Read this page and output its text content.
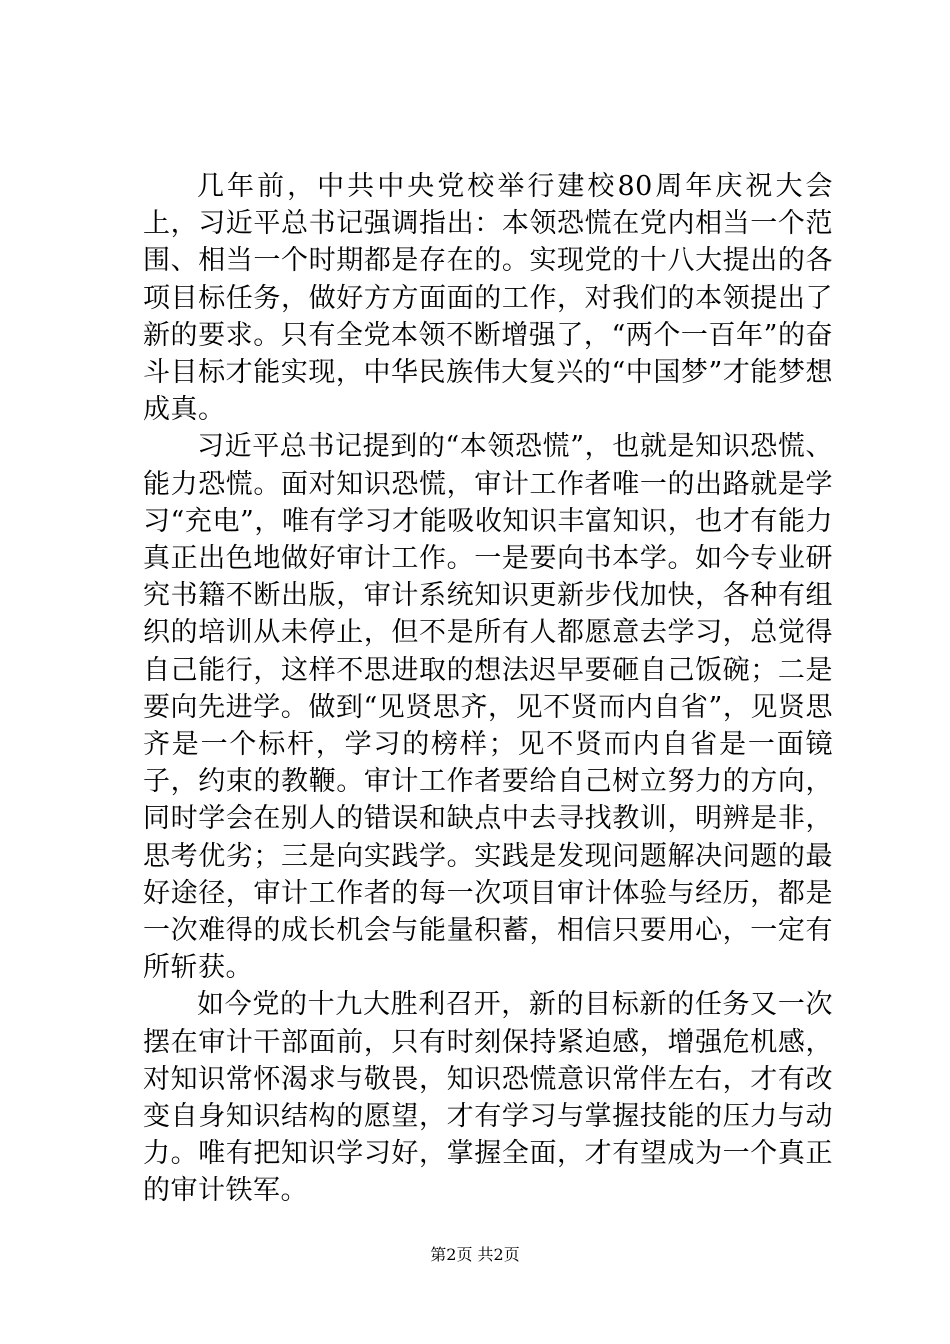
几年前，中共中央党校举行建校80周年庆祝大会上，习近平总书记强调指出：本领恐慌在党内相当一个范围、相当一个时期都是存在的。实现党的十八大提出的各项目标任务，做好方方面面的工作，对我们的本领提出了新的要求。只有全党本领不断增强了，“两个一百年”的奋斗目标才能实现，中华民族伟大复兴的“中国梦”才能梦想成真。

习近平总书记提到的“本领恐慌”，也就是知识恐慌、能力恐慌。面对知识恐慌，审计工作者唯一的出路就是学习“充电”，唯有学习才能吸收知识丰富知识，也才有能力真正出色地做好审计工作。一是要向书本学。如今专业研究书籍不断出版，审计系统知识更新步伐加快，各种有组织的培训从未停止，但不是所有人都愿意去学习，总觉得自己能行，这样不思进取的想法迟早要砸自己饭碗；二是要向先进学。做到“见贤思齐，见不贤而内自省”，见贤思齐是一个标杆，学习的榜样；见不贤而内自省是一面镜子，约束的教鞭。审计工作者要给自己树立努力的方向，同时学会在别人的错误和缺点中去寻找教训，明辨是非，思考优劣；三是向实践学。实践是发现问题解决问题的最好途径，审计工作者的每一次项目审计体验与经历，都是一次难得的成长机会与能量积蓄，相信只要用心，一定有所斩获。

如今党的十九大胜利召开，新的目标新的任务又一次摆在审计干部面前，只有时刻保持紧迫感，增强危机感，对知识常怀渴求与敬畏，知识恐慌意识常伴左右，才有改变自身知识结构的愿望，才有学习与掌握技能的压力与动力。唯有把知识学习好，掌握全面，才有望成为一个真正的审计铁军。

第2页 共2页
